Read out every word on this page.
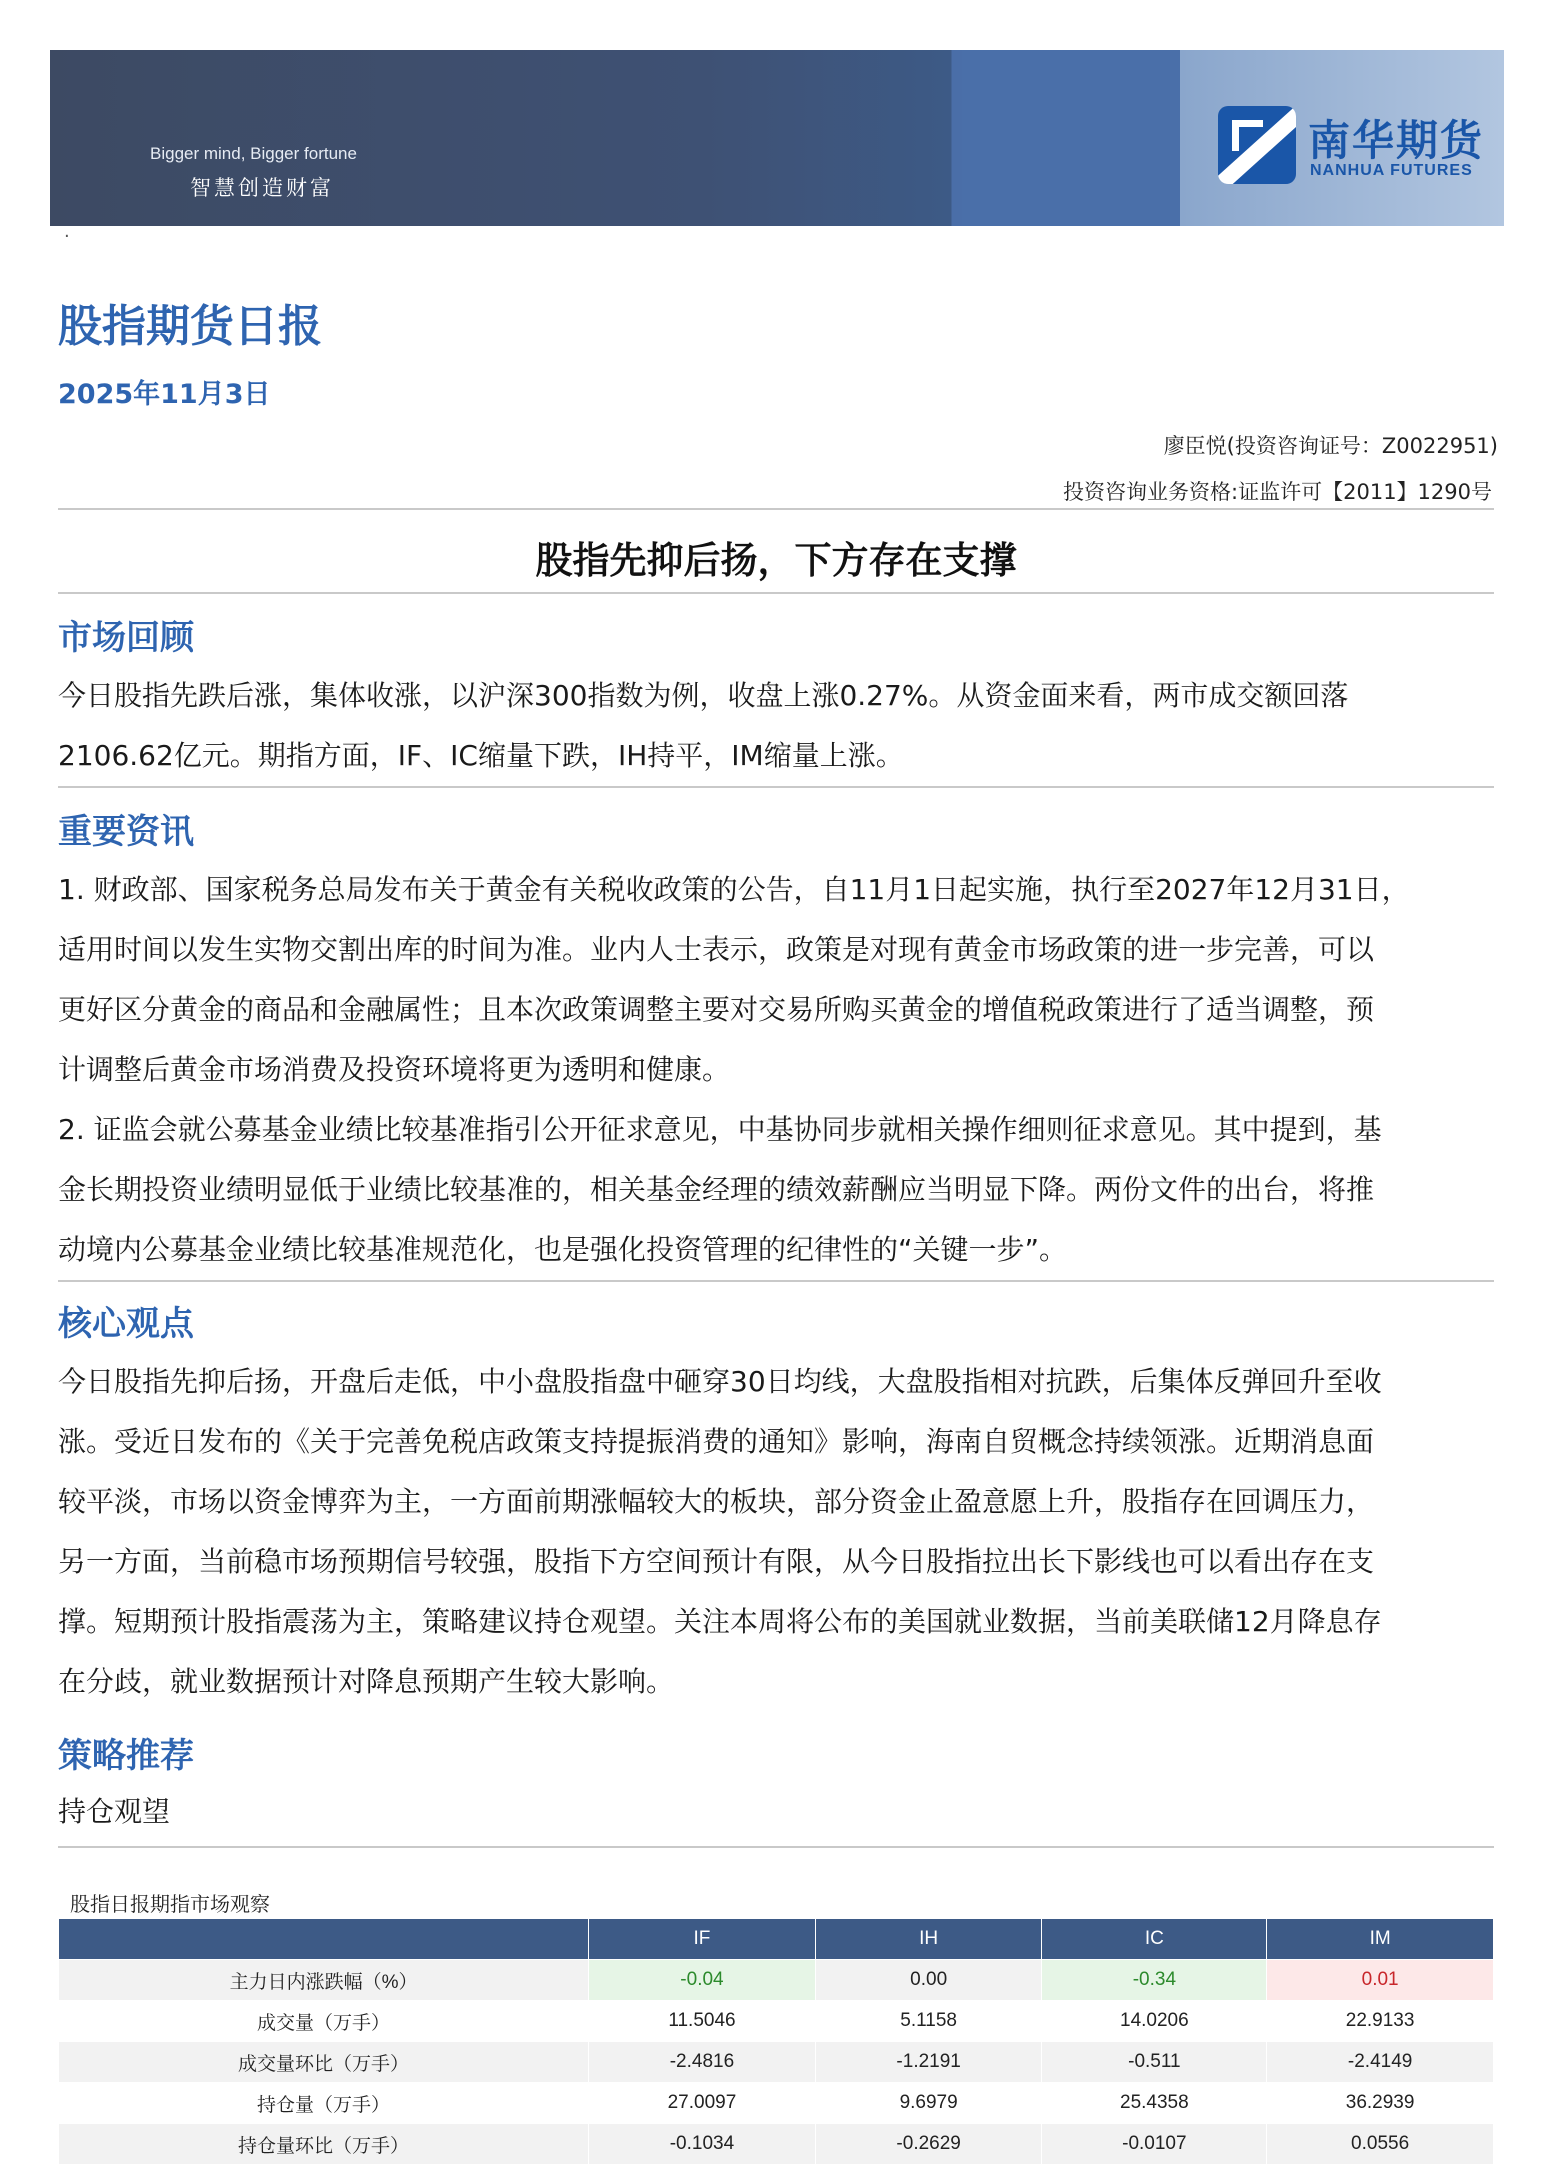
Bigger mind, Bigger fortune
智慧创造财富
南华期货
NANHUA FUTURES
·
股指期货日报
2025年11月3日
廖臣悦(投资咨询证号：Z0022951)
投资咨询业务资格:证监许可【2011】1290号
股指先抑后扬，下方存在支撑
市场回顾
今日股指先跌后涨，集体收涨，以沪深300指数为例，收盘上涨0.27%。从资金面来看，两市成交额回落
2106.62亿元。期指方面，IF、IC缩量下跌，IH持平，IM缩量上涨。
重要资讯
1. 财政部、国家税务总局发布关于黄金有关税收政策的公告，自11月1日起实施，执行至2027年12月31日，
适用时间以发生实物交割出库的时间为准。业内人士表示，政策是对现有黄金市场政策的进一步完善，可以
更好区分黄金的商品和金融属性；且本次政策调整主要对交易所购买黄金的增值税政策进行了适当调整，预
计调整后黄金市场消费及投资环境将更为透明和健康。
2. 证监会就公募基金业绩比较基准指引公开征求意见，中基协同步就相关操作细则征求意见。其中提到，基
金长期投资业绩明显低于业绩比较基准的，相关基金经理的绩效薪酬应当明显下降。两份文件的出台，将推
动境内公募基金业绩比较基准规范化，也是强化投资管理的纪律性的“关键一步”。
核心观点
今日股指先抑后扬，开盘后走低，中小盘股指盘中砸穿30日均线，大盘股指相对抗跌，后集体反弹回升至收
涨。受近日发布的《关于完善免税店政策支持提振消费的通知》影响，海南自贸概念持续领涨。近期消息面
较平淡，市场以资金博弈为主，一方面前期涨幅较大的板块，部分资金止盈意愿上升，股指存在回调压力，
另一方面，当前稳市场预期信号较强，股指下方空间预计有限，从今日股指拉出长下影线也可以看出存在支
撑。短期预计股指震荡为主，策略建议持仓观望。关注本周将公布的美国就业数据，当前美联储12月降息存
在分歧，就业数据预计对降息预期产生较大影响。
策略推荐
持仓观望
股指日报期指市场观察
	IF	IH	IC	IM
主力日内涨跌幅（%）	-0.04	0.00	-0.34	0.01
成交量（万手）	11.5046	5.1158	14.0206	22.9133
成交量环比（万手）	-2.4816	-1.2191	-0.511	-2.4149
持仓量（万手）	27.0097	9.6979	25.4358	36.2939
持仓量环比（万手）	-0.1034	-0.2629	-0.0107	0.0556
